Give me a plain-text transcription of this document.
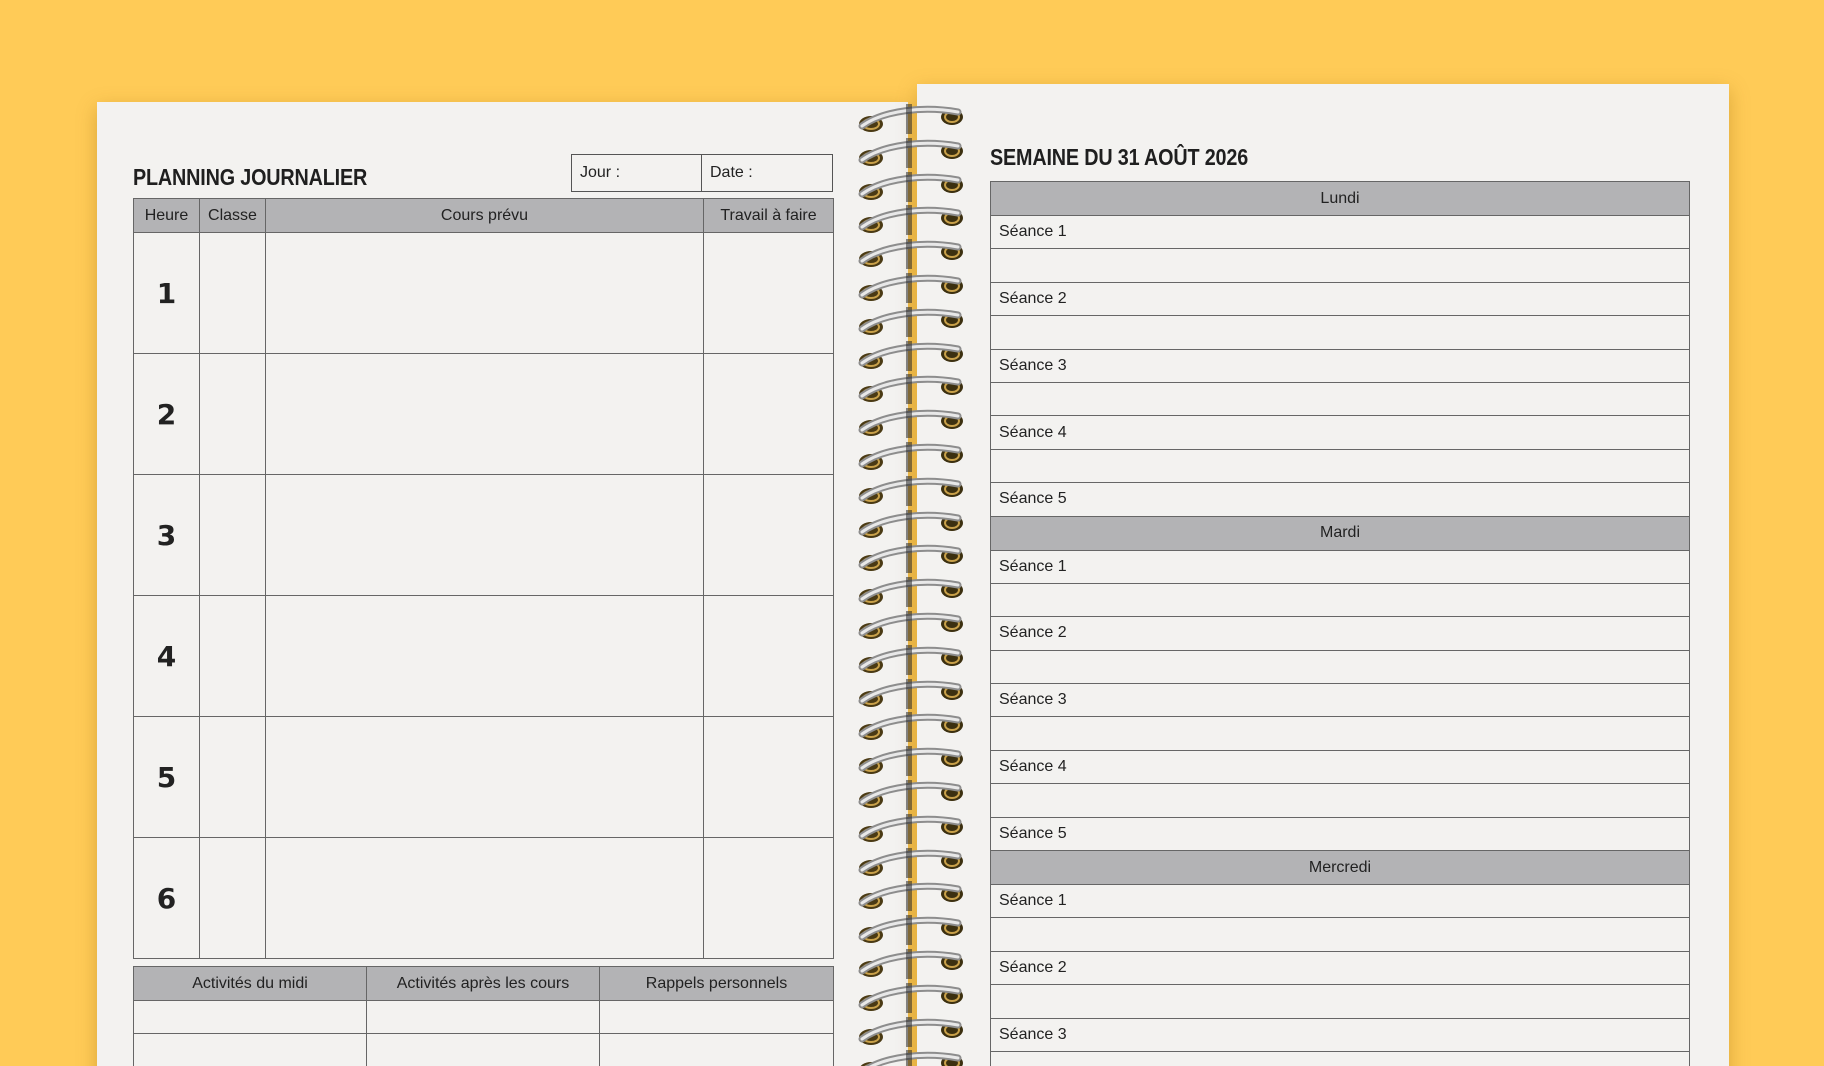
PLANNING JOURNALIER	Jour :	Date :
Heure	Classe	Cours prévu	Travail à faire
1			
2			
3			
4			
5			
6			
Activités du midi	Activités après les cours	Rappels personnels

SEMAINE DU 31 AOÛT 2026
Lundi
Séance 1

Séance 2

Séance 3

Séance 4

Séance 5
Mardi
Séance 1

Séance 2

Séance 3

Séance 4

Séance 5
Mercredi
Séance 1

Séance 2

Séance 3
